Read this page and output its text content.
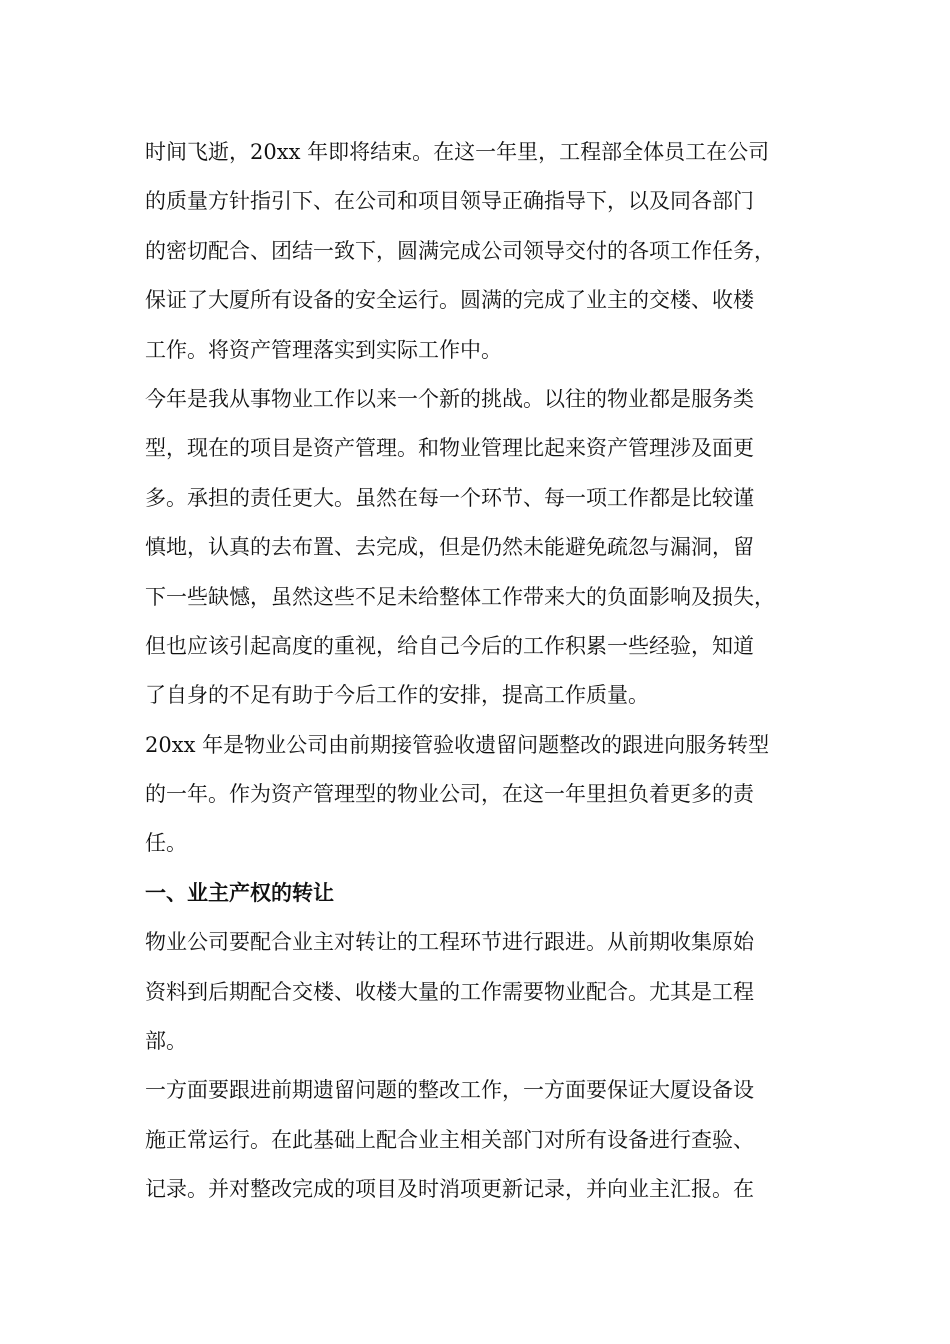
时间飞逝，20xx 年即将结束。在这一年里，工程部全体员工在公司
的质量方针指引下、在公司和项目领导正确指导下，以及同各部门
的密切配合、团结一致下，圆满完成公司领导交付的各项工作任务，
保证了大厦所有设备的安全运行。圆满的完成了业主的交楼、收楼
工作。将资产管理落实到实际工作中。
今年是我从事物业工作以来一个新的挑战。以往的物业都是服务类
型，现在的项目是资产管理。和物业管理比起来资产管理涉及面更
多。承担的责任更大。虽然在每一个环节、每一项工作都是比较谨
慎地，认真的去布置、去完成，但是仍然未能避免疏忽与漏洞，留
下一些缺憾，虽然这些不足未给整体工作带来大的负面影响及损失，
但也应该引起高度的重视，给自己今后的工作积累一些经验，知道
了自身的不足有助于今后工作的安排，提高工作质量。
20xx 年是物业公司由前期接管验收遗留问题整改的跟进向服务转型
的一年。作为资产管理型的物业公司，在这一年里担负着更多的责
任。
一、业主产权的转让
物业公司要配合业主对转让的工程环节进行跟进。从前期收集原始
资料到后期配合交楼、收楼大量的工作需要物业配合。尤其是工程
部。
一方面要跟进前期遗留问题的整改工作，一方面要保证大厦设备设
施正常运行。在此基础上配合业主相关部门对所有设备进行查验、
记录。并对整改完成的项目及时消项更新记录，并向业主汇报。在
